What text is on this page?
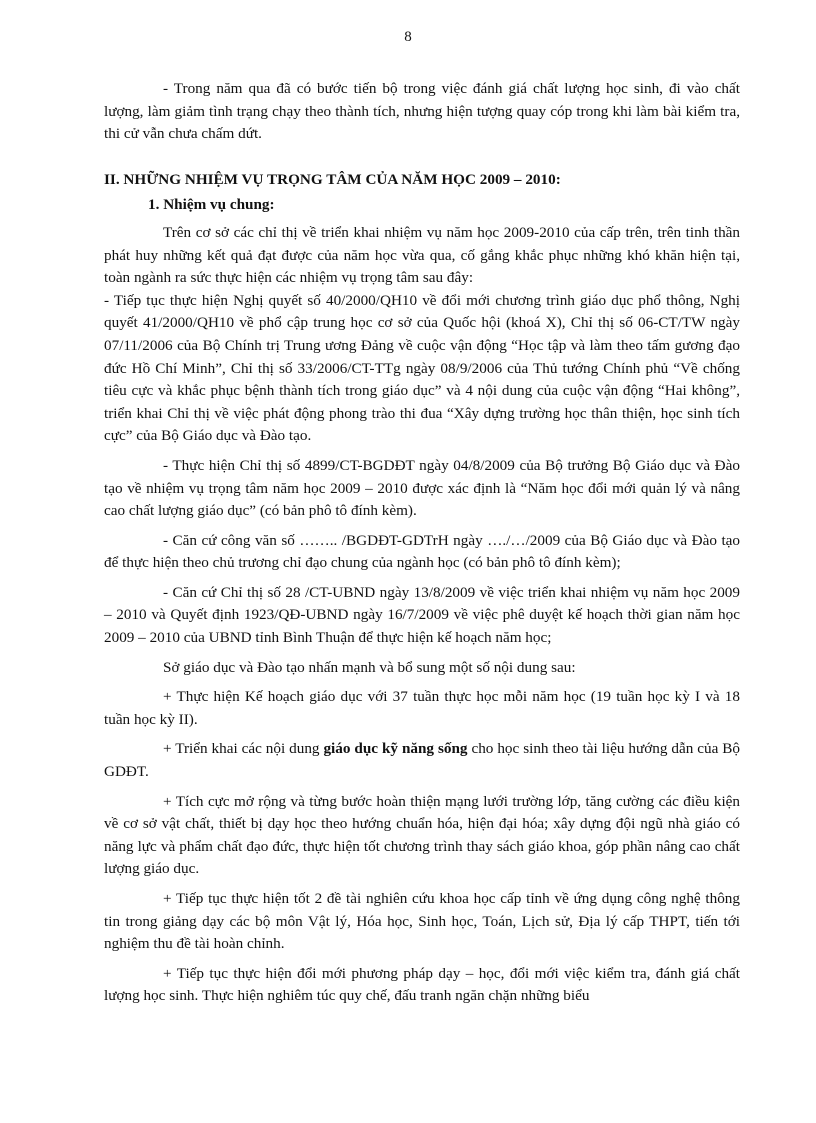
8

- Trong năm qua đã có bước tiến bộ trong việc đánh giá chất lượng học sinh, đi vào chất lượng, làm giảm tình trạng chạy theo thành tích, nhưng hiện tượng quay cóp trong khi làm bài kiểm tra, thi cử vẫn chưa chấm dứt.

II. NHỮNG NHIỆM VỤ TRỌNG TÂM CỦA NĂM HỌC 2009 – 2010:

1. Nhiệm vụ chung:

Trên cơ sở các chỉ thị về triển khai nhiệm vụ năm học 2009-2010 của cấp trên, trên tinh thần phát huy những kết quả đạt được của năm học vừa qua, cố gắng khắc phục những khó khăn hiện tại, toàn ngành ra sức thực hiện các nhiệm vụ trọng tâm sau đây:

- Tiếp tục thực hiện Nghị quyết số 40/2000/QH10 về đổi mới chương trình giáo dục phổ thông, Nghị quyết 41/2000/QH10 về phổ cập trung học cơ sở của Quốc hội (khoá X), Chỉ thị số 06-CT/TW ngày 07/11/2006 của Bộ Chính trị Trung ương Đảng về cuộc vận động “Học tập và làm theo tấm gương đạo đức Hồ Chí Minh”, Chỉ thị số 33/2006/CT-TTg ngày 08/9/2006 của Thủ tướng Chính phủ “Về chống tiêu cực và khắc phục bệnh thành tích trong giáo dục” và 4 nội dung của cuộc vận động “Hai không”, triển khai Chỉ thị về việc phát động phong trào thi đua “Xây dựng trường học thân thiện, học sinh tích cực” của Bộ Giáo dục và Đào tạo.

- Thực hiện Chỉ thị số 4899/CT-BGDĐT ngày 04/8/2009 của Bộ trưởng Bộ Giáo dục và Đào tạo về nhiệm vụ trọng tâm năm học 2009 – 2010 được xác định là “Năm học đổi mới quản lý và nâng cao chất lượng giáo dục” (có bản phô tô đính kèm).

- Căn cứ công văn số …….. /BGDĐT-GDTrH ngày …./…/2009 của Bộ Giáo dục và Đào tạo để thực hiện theo chủ trương chỉ đạo chung của ngành học (có bản phô tô đính kèm);

- Căn cứ Chỉ thị số 28 /CT-UBND ngày 13/8/2009 về việc triển khai nhiệm vụ năm học 2009 – 2010 và Quyết định 1923/QĐ-UBND ngày 16/7/2009 về việc phê duyệt kế hoạch thời gian năm học 2009 – 2010 của UBND tỉnh Bình Thuận để thực hiện kế hoạch năm học;

Sở giáo dục và Đào tạo nhấn mạnh và bổ sung một số nội dung sau:

+ Thực hiện Kế hoạch giáo dục với 37 tuần thực học mỗi năm học (19 tuần học kỳ I và 18 tuần học kỳ II).

+ Triển khai các nội dung giáo dục kỹ năng sống cho học sinh theo tài liệu hướng dẫn của Bộ GDĐT.

+ Tích cực mở rộng và từng bước hoàn thiện mạng lưới trường lớp, tăng cường các điều kiện về cơ sở vật chất, thiết bị dạy học theo hướng chuẩn hóa, hiện đại hóa; xây dựng đội ngũ nhà giáo có năng lực và phẩm chất đạo đức, thực hiện tốt chương trình thay sách giáo khoa, góp phần nâng cao chất lượng giáo dục.

+ Tiếp tục thực hiện tốt 2 đề tài nghiên cứu khoa học cấp tỉnh về ứng dụng công nghệ thông tin trong giảng dạy các bộ môn Vật lý, Hóa học, Sinh học, Toán, Lịch sử, Địa lý cấp THPT, tiến tới nghiệm thu đề tài hoàn chỉnh.

+ Tiếp tục thực hiện đổi mới phương pháp dạy – học, đổi mới việc kiểm tra, đánh giá chất lượng học sinh. Thực hiện nghiêm túc quy chế, đấu tranh ngăn chặn những biểu
